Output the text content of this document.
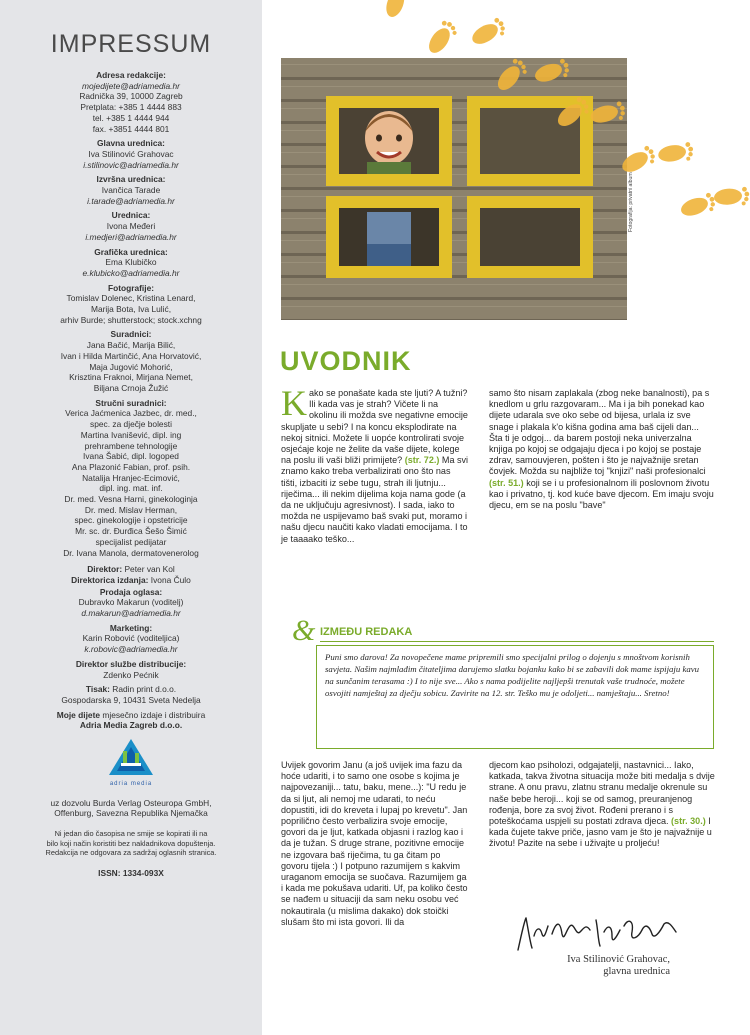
IMPRESSUM
Adresa redakcije:
mojedijete@adriamedia.hr
Radnička 39, 10000 Zagreb
Pretplata: +385 1 4444 883
tel. +385 1 4444 944
fax. +3851 4444 801
Glavna urednica:
Iva Stilinović Grahovac
i.stilinovic@adriamedia.hr
Izvršna urednica:
Ivančica Tarade
i.tarade@adriamedia.hr
Urednica:
Ivona Međeri
i.medjeri@adriamedia.hr
Grafička urednica:
Ema Klubičko
e.klubicko@adriamedia.hr
Fotografije:
Tomislav Dolenec, Kristina Lenard,
Marija Bota, Iva Lulić,
arhiv Burde; shutterstock; stock.xchng
Suradnici:
Jana Bačić, Marija Bilić,
Ivan i Hilda Martinčić, Ana Horvatović,
Maja Jugović Mohorić,
Krisztina Fraknoi, Mirjana Nemet,
Biljana Crnoja Žužić
Stručni suradnici:
Verica Jaćmenica Jazbec, dr. med.,
spec. za dječje bolesti
Martina Ivanišević, dipl. ing
prehrambene tehnologije
Ivana Šabić, dipl. logoped
Ana Plazonić Fabian, prof. psih.
Natalija Hranjec-Ecimović,
dipl. ing. mat. inf.
Dr. med. Vesna Harni, ginekologinja
Dr. med. Mislav Herman,
spec. ginekologije i opstetricije
Mr. sc. dr. Đurđica Šešo Šimić
specijalist pedijatar
Dr. Ivana Manola, dermatovenerolog
Direktor: Peter van Kol
Direktorica izdanja: Ivona Čulo
Prodaja oglasa:
Dubravko Makarun (voditelj)
d.makarun@adriamedia.hr
Marketing:
Karin Robović (voditeljica)
k.robovic@adriamedia.hr
Direktor službe distribucije:
Zdenko Pećnik
Tisak: Radin print d.o.o.
Gospodarska 9, 10431 Sveta Nedelja
Moje dijete mjesečno izdaje i distribuira
Adria Media Zagreb d.o.o.
adria media
uz dozvolu Burda Verlag Osteuropa GmbH,
Offenburg, Savezna Republika Njemačka
Ni jedan dio časopisa ne smije se kopirati ili na
bilo koji način koristiti bez nakladnikova dopuštenja.
Redakcija ne odgovara za sadržaj oglasnih stranica.
ISSN: 1334-093X
Fotografija: privatni album
UVODNIK

Kako se ponašate kada ste ljuti? A tužni? Ili kada vas je strah? Vičete li na okolinu ili možda sve negativne emocije skupljate u sebi? I na koncu eksplodirate na nekoj sitnici. Možete li uopće kontrolirati svoje osjećaje koje ne želite da vaše dijete, kolege na poslu ili vaši bliži primijete? (str. 72.) Ma svi znamo kako treba verbalizirati ono što nas tišti, izbaciti iz sebe tugu, strah ili ljutnju... riječima... ili nekim dijelima koja nama gode (a da ne uključuju agresivnost). I sada, iako to možda ne uspijevamo baš svaki put, moramo i našu djecu naučiti kako vladati emocijama. I to je taaaako teško...

samo što nisam zaplakala (zbog neke banalnosti), pa s knedlom u grlu razgovaram... Ma i ja bih ponekad kao dijete udarala sve oko sebe od bijesa, urlala iz sve snage i plakala k'o kišna godina ama baš cijeli dan... Šta ti je odgoj... da barem postoji neka univerzalna knjiga po kojoj se odgajaju djeca i po kojoj se postaje zdrav, samouvjeren, pošten i što je najvažnije sretan čovjek. Možda su najbliže toj "knjizi" naši profesionalci (str. 51.) koji se i u profesionalnom ili poslovnom životu kao i privatno, tj. kod kuće bave djecom. Em imaju svoju djecu, em se na poslu "bave"

& IZMEĐU REDAKA
Puni smo darova! Za novopečene mame pripremili smo specijalni prilog o dojenju s mnoštvom korisnih savjeta. Našim najmlađim čitateljima darujemo slatku bojanku kako bi se zabavili dok mame ispijaju kavu na sunčanim terasama :) I to nije sve... Ako s nama podijelite najljepši trenutak vaše trudnoće, možete osvojiti namještaj za dječju sobicu. Zavirite na 12. str. Teško mu je odoljeti... namještaju... Sretno!

Uvijek govorim Janu (a još uvijek ima fazu da hoće udariti, i to samo one osobe s kojima je najpovezaniji... tatu, baku, mene...): "U redu je da si ljut, ali nemoj me udarati, to neću dopustiti, idi do kreveta i lupaj po krevetu". Jan poprilično često verbalizira svoje emocije, govori da je ljut, katkada objasni i razlog kao i da je tužan. S druge strane, pozitivne emocije ne izgovara baš riječima, tu ga čitam po govoru tijela :) I potpuno razumijem s kakvim uraganom emocija se suočava. Razumijem ga i kada me pokušava udariti. Uf, pa koliko često se nađem u situaciji da sam neku osobu već nokautirala (u mislima dakako) dok stoički slušam što mi ista govori. Ili da

djecom kao psiholozi, odgajatelji, nastavnici... Iako, katkada, takva životna situacija može biti medalja s dvije strane. A onu pravu, zlatnu stranu medalje okrenule su naše bebe heroji... koji se od samog, preuranjenog rođenja, bore za svoj život. Rođeni prerano i s poteškoćama uspjeli su postati zdrava djeca. (str. 30.) I kada čujete takve priče, jasno vam je što je najvažnije u životu! Pazite na sebe i uživajte u proljeću!

Iva Stilinović Grahovac,
glavna urednica
